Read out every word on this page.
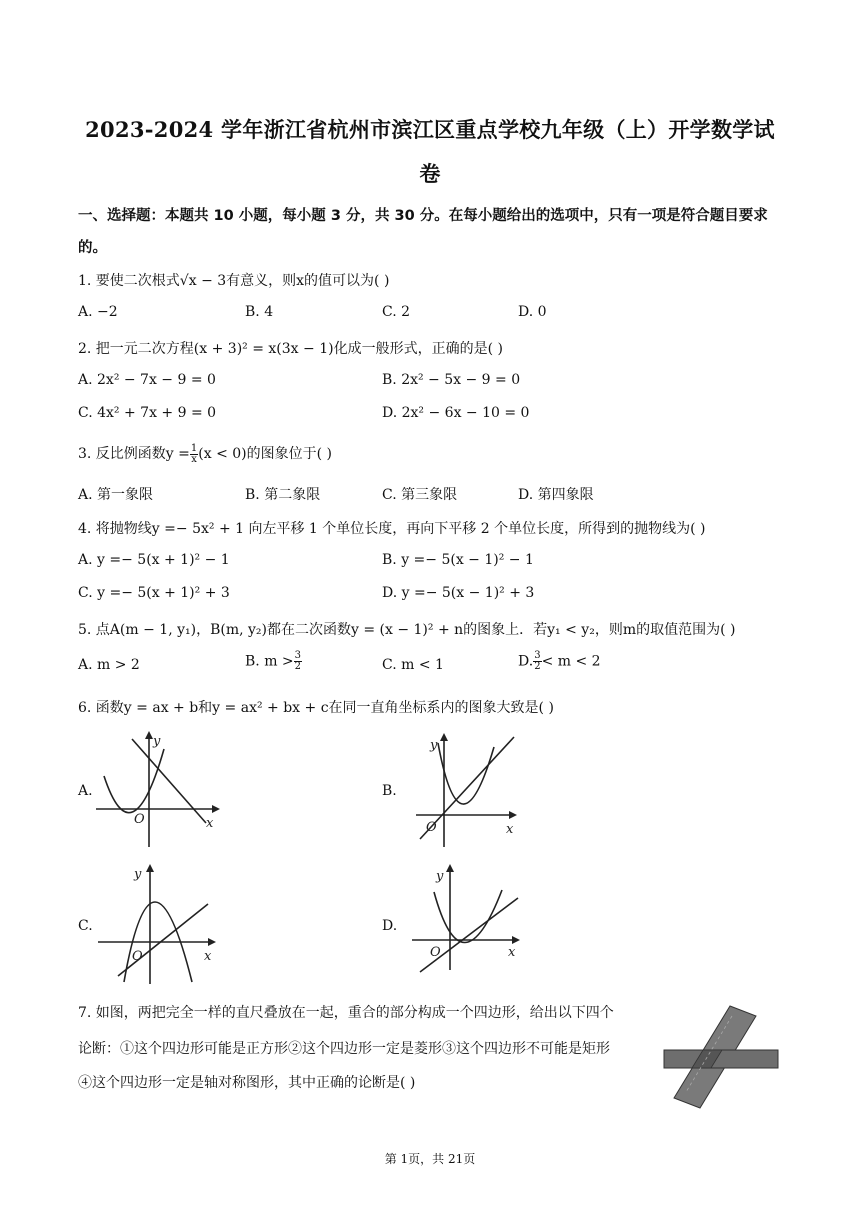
2023-2024 学年浙江省杭州市滨江区重点学校九年级（上）开学数学试
卷
一、选择题：本题共 10 小题，每小题 3 分，共 30 分。在每小题给出的选项中，只有一项是符合题目要求
的。
1. 要使二次根式√x − 3有意义，则x的值可以为( )
A. −2	B. 4	C. 2	D. 0
2. 把一元二次方程(x + 3)² = x(3x − 1)化成一般形式，正确的是( )
A. 2x² − 7x − 9 = 0	B. 2x² − 5x − 9 = 0
C. 4x² + 7x + 9 = 0	D. 2x² − 6x − 10 = 0
3. 反比例函数$y = \frac{1}{x} (x < 0)$的图象位于( )
A. 第一象限	B. 第二象限	C. 第三象限	D. 第四象限
4. 将抛物线y =− 5x² + 1 向左平移 1 个单位长度，再向下平移 2 个单位长度，所得到的抛物线为( )
A. y =− 5(x + 1)² − 1	B. y =− 5(x − 1)² − 1
C. y =− 5(x + 1)² + 3	D. y =− 5(x − 1)² + 3
5. 点A(m − 1, y₁)，B(m, y₂)都在二次函数y = (x − 1)² + n的图象上．若y₁ < y₂，则m的取值范围为( )
A. m > 2	B. $m > \frac{3}{2}$	C. m < 1	D. $\frac{3}{2} < m < 2$
6. 函数y = ax + b和y = ax² + bx + c在同一直角坐标系内的图象大致是( )
A.
y
x
O
B.
y
x
O
C.
y
x
O
D.
y
x
O
7. 如图，两把完全一样的直尺叠放在一起，重合的部分构成一个四边形，给出以下四个
论断：①这个四边形可能是正方形②这个四边形一定是菱形③这个四边形不可能是矩形
④这个四边形一定是轴对称图形，其中正确的论断是( )
第 1页，共 21页
